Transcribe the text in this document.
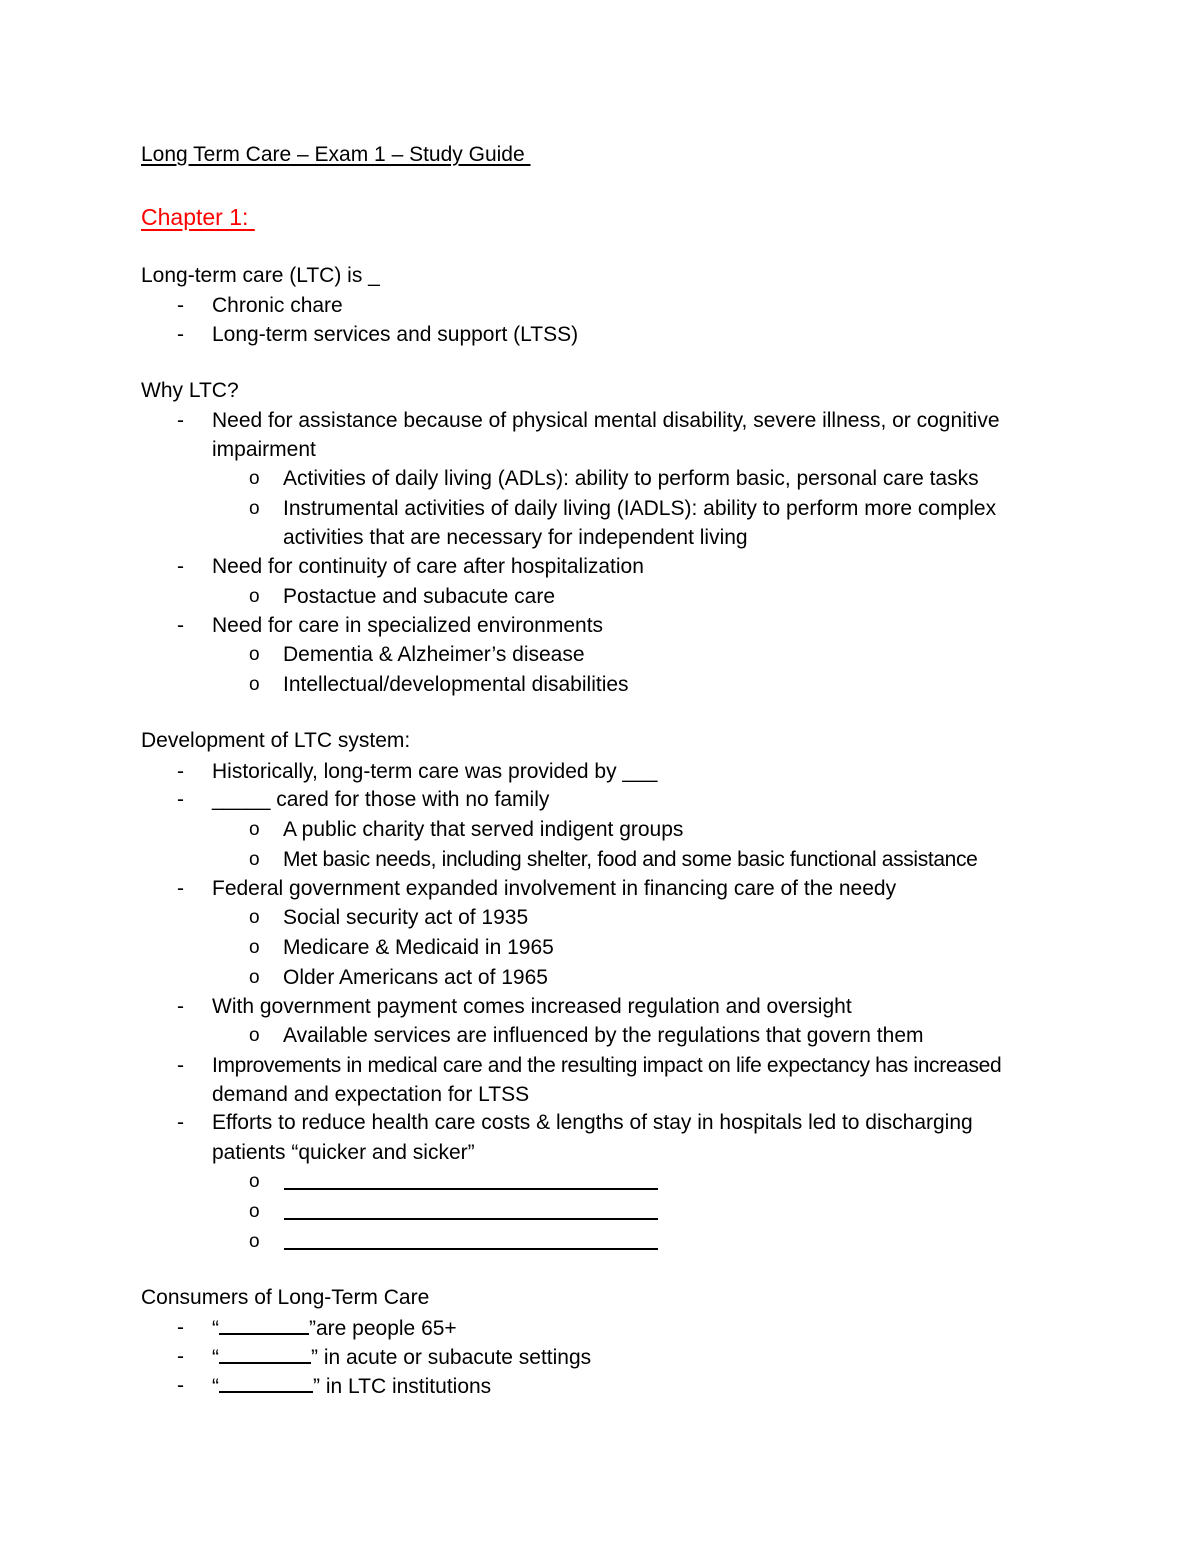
Long Term Care – Exam 1 – Study Guide
Chapter 1:
Long-term care (LTC) is _
- Chronic chare
- Long-term services and support (LTSS)
Why LTC?
- Need for assistance because of physical mental disability, severe illness, or cognitive
impairment
o Activities of daily living (ADLs): ability to perform basic, personal care tasks
o Instrumental activities of daily living (IADLS): ability to perform more complex
activities that are necessary for independent living
- Need for continuity of care after hospitalization
o Postactue and subacute care
- Need for care in specialized environments
o Dementia & Alzheimer’s disease
o Intellectual/developmental disabilities
Development of LTC system:
- Historically, long-term care was provided by ___
- _____ cared for those with no family
o A public charity that served indigent groups
o Met basic needs, including shelter, food and some basic functional assistance
- Federal government expanded involvement in financing care of the needy
o Social security act of 1935
o Medicare & Medicaid in 1965
o Older Americans act of 1965
- With government payment comes increased regulation and oversight
o Available services are influenced by the regulations that govern them
- Improvements in medical care and the resulting impact on life expectancy has increased
demand and expectation for LTSS
- Efforts to reduce health care costs & lengths of stay in hospitals led to discharging
patients “quicker and sicker”
o
o
o
Consumers of Long-Term Care
- “	”are people 65+
- “	” in acute or subacute settings
- “	” in LTC institutions
